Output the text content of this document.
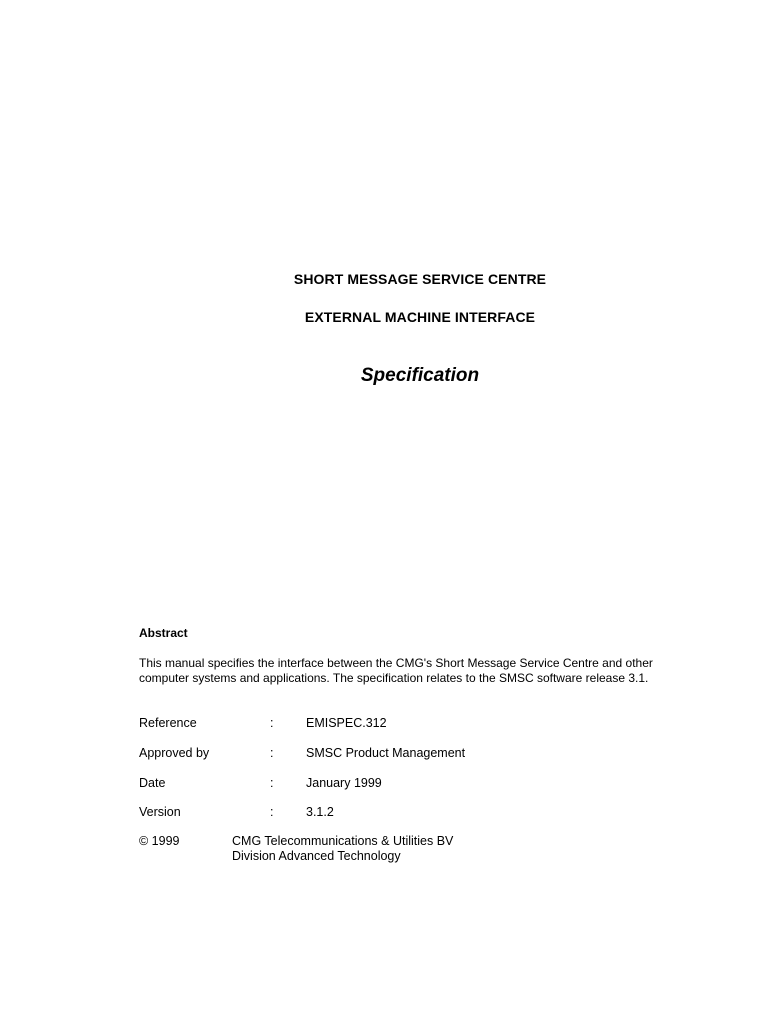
SHORT MESSAGE SERVICE CENTRE
EXTERNAL MACHINE INTERFACE
Specification
Abstract
This manual specifies the interface between the CMG's Short Message Service Centre and other computer systems and applications. The specification relates to the SMSC software release 3.1.
Reference	:	EMISPEC.312
Approved by	:	SMSC Product Management
Date	:	January 1999
Version	:	3.1.2
© 1999	CMG Telecommunications & Utilities BV
Division Advanced Technology
